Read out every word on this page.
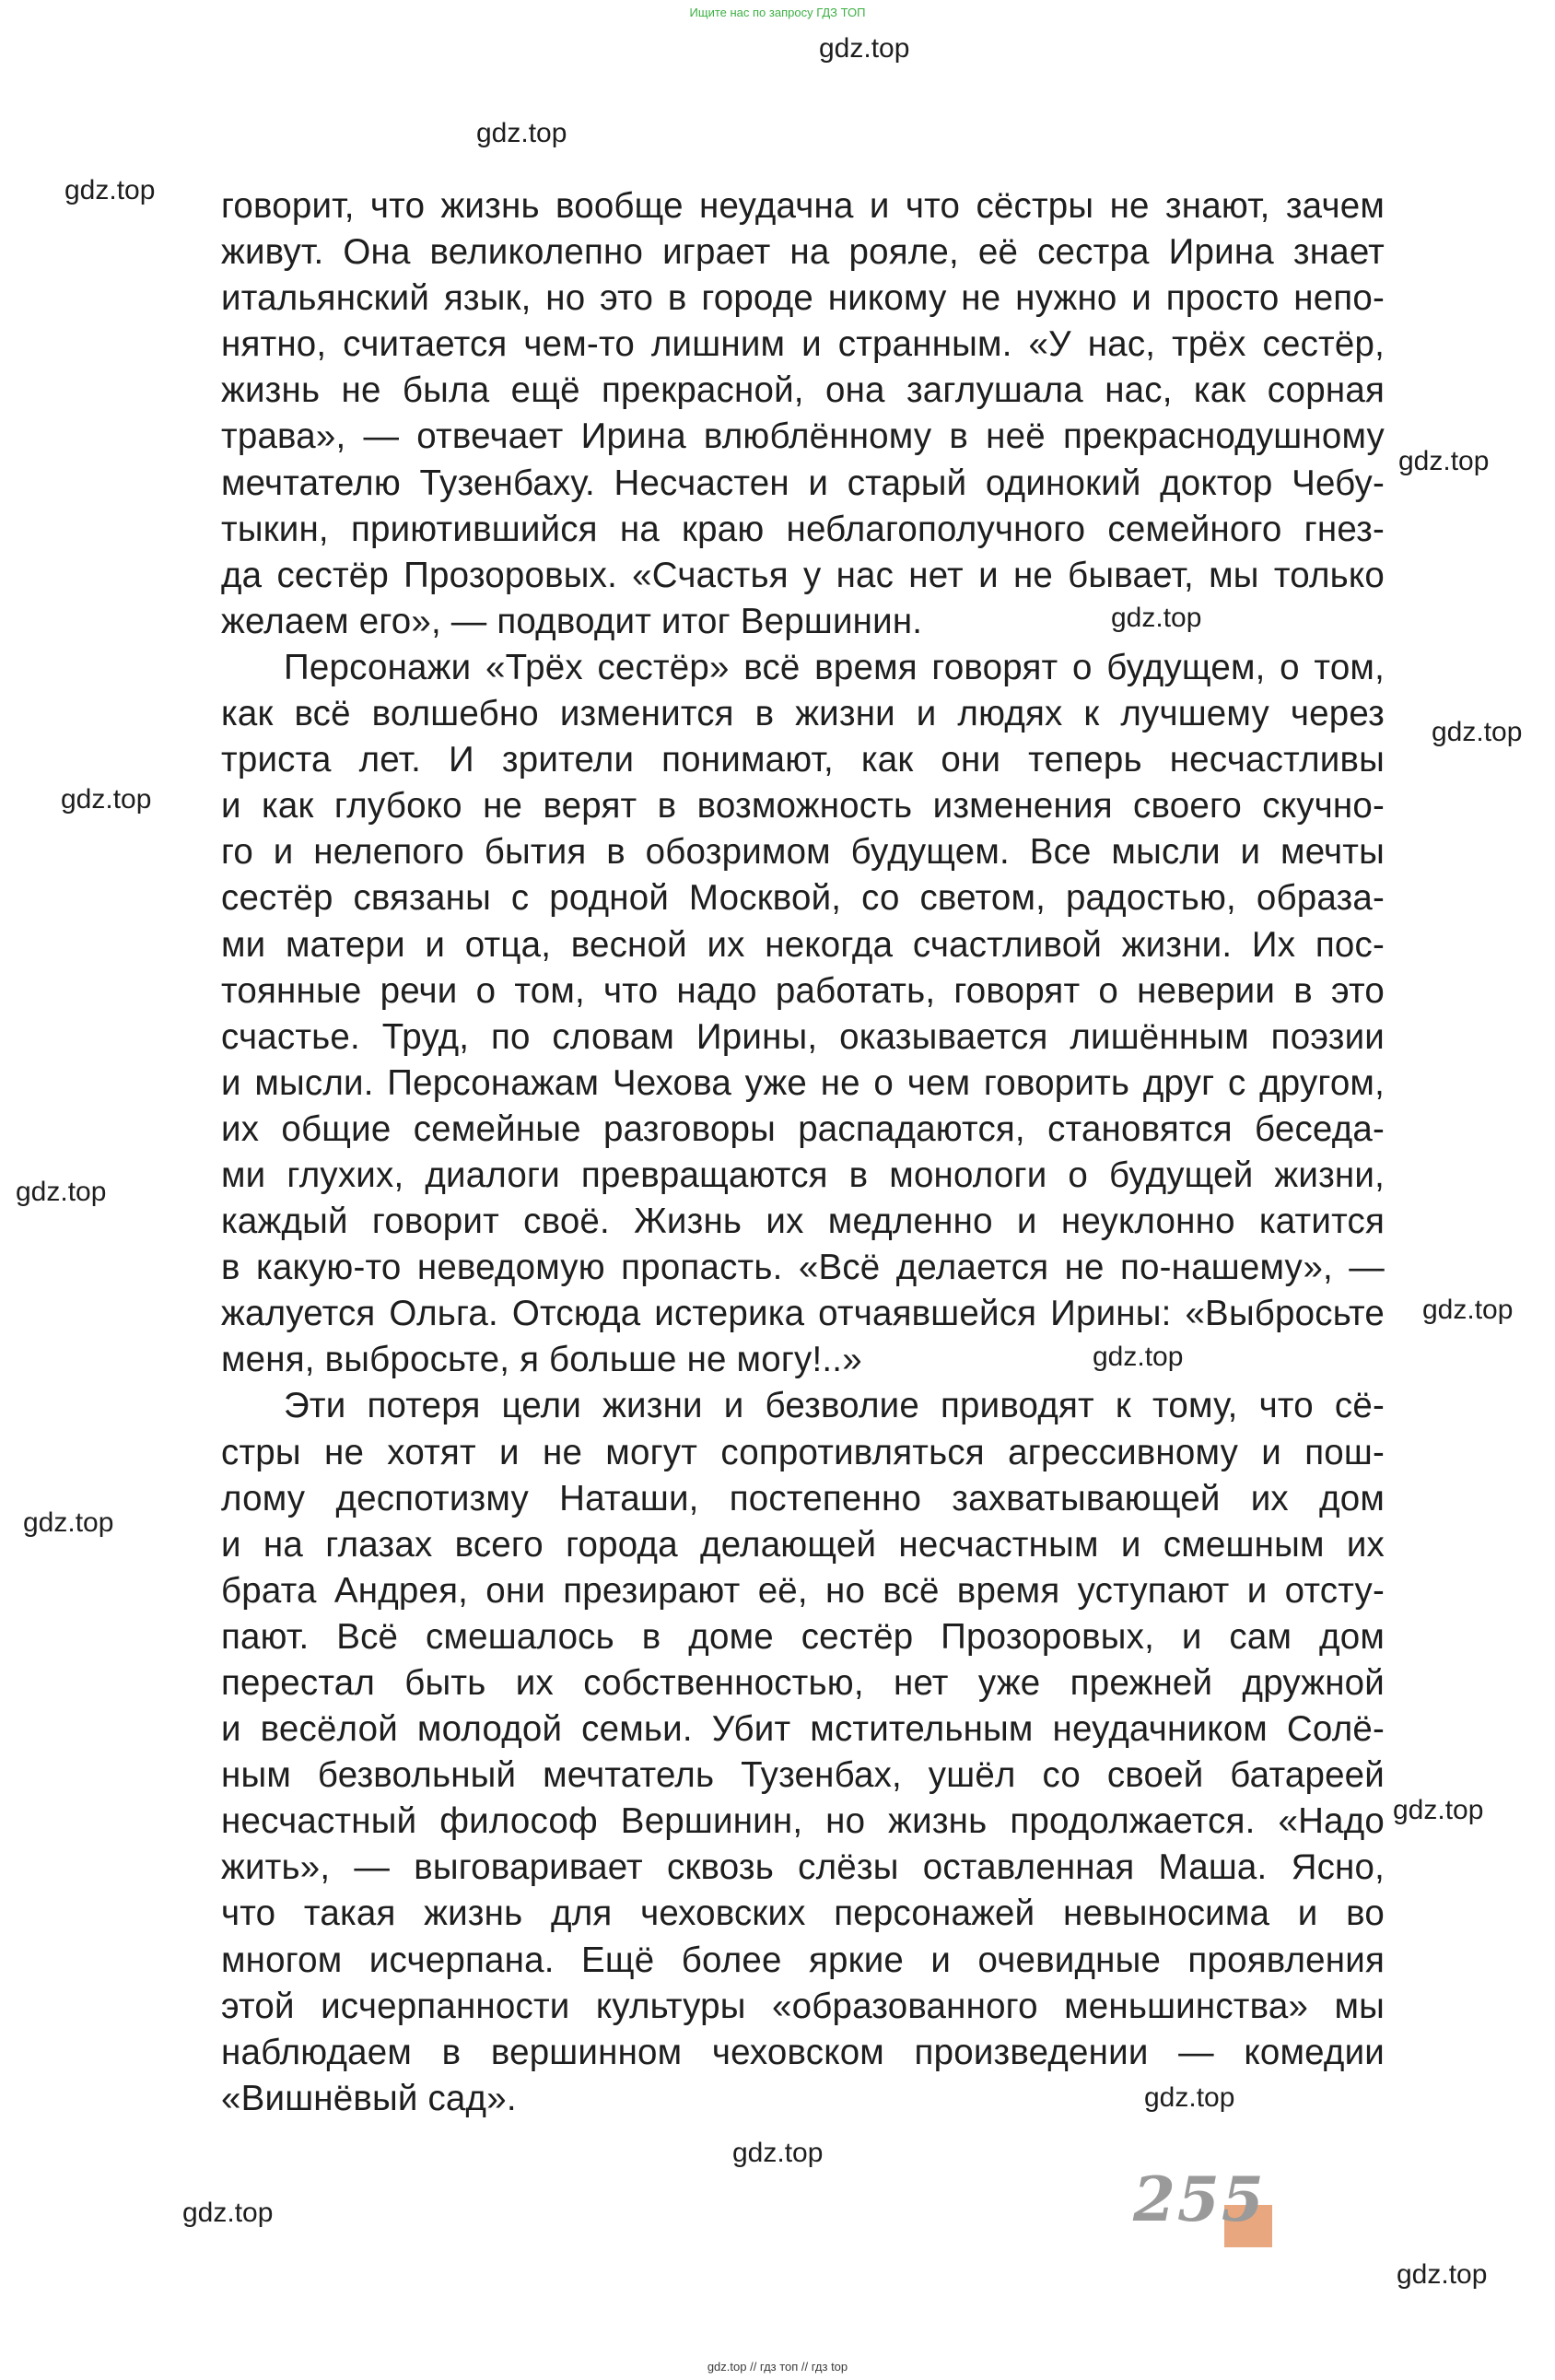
Ищите нас по запросу ГДЗ ТОП
gdz.top
gdz.top
gdz.top
gdz.top
gdz.top
gdz.top
gdz.top
gdz.top
gdz.top
gdz.top
gdz.top
gdz.top
gdz.top
gdz.top
gdz.top
gdz.top
говорит, что жизнь вообще неудачна и что сёстры не знают, зачем
живут. Она великолепно играет на рояле, её сестра Ирина знает
итальянский язык, но это в городе никому не нужно и просто непо-
нятно, считается чем-то лишним и странным. «У нас, трёх сестёр,
жизнь не была ещё прекрасной, она заглушала нас, как сорная
трава», — отвечает Ирина влюблённому в неё прекраснодушному
мечтателю Тузенбаху. Несчастен и старый одинокий доктор Чебу-
тыкин, приютившийся на краю неблагополучного семейного гнез-
да сестёр Прозоровых. «Счастья у нас нет и не бывает, мы только
желаем его», — подводит итог Вершинин.
Персонажи «Трёх сестёр» всё время говорят о будущем, о том,
как всё волшебно изменится в жизни и людях к лучшему через
триста лет. И зрители понимают, как они теперь несчастливы
и как глубоко не верят в возможность изменения своего скучно-
го и нелепого бытия в обозримом будущем. Все мысли и мечты
сестёр связаны с родной Москвой, со светом, радостью, образа-
ми матери и отца, весной их некогда счастливой жизни. Их пос-
тоянные речи о том, что надо работать, говорят о неверии в это
счастье. Труд, по словам Ирины, оказывается лишённым поэзии
и мысли. Персонажам Чехова уже не о чем говорить друг с другом,
их общие семейные разговоры распадаются, становятся беседа-
ми глухих, диалоги превращаются в монологи о будущей жизни,
каждый говорит своё. Жизнь их медленно и неуклонно катится
в какую-то неведомую пропасть. «Всё делается не по-нашему», —
жалуется Ольга. Отсюда истерика отчаявшейся Ирины: «Выбросьте
меня, выбросьте, я больше не могу!..»
Эти потеря цели жизни и безволие приводят к тому, что сё-
стры не хотят и не могут сопротивляться агрессивному и пош-
лому деспотизму Наташи, постепенно захватывающей их дом
и на глазах всего города делающей несчастным и смешным их
брата Андрея, они презирают её, но всё время уступают и отсту-
пают. Всё смешалось в доме сестёр Прозоровых, и сам дом
перестал быть их собственностью, нет уже прежней дружной
и весёлой молодой семьи. Убит мстительным неудачником Солё-
ным безвольный мечтатель Тузенбах, ушёл со своей батареей
несчастный философ Вершинин, но жизнь продолжается. «Надо
жить», — выговаривает сквозь слёзы оставленная Маша. Ясно,
что такая жизнь для чеховских персонажей невыносима и во
многом исчерпана. Ещё более яркие и очевидные проявления
этой исчерпанности культуры «образованного меньшинства» мы
наблюдаем в вершинном чеховском произведении — комедии
«Вишнёвый сад».
255
gdz.top // гдз топ // гдз top
